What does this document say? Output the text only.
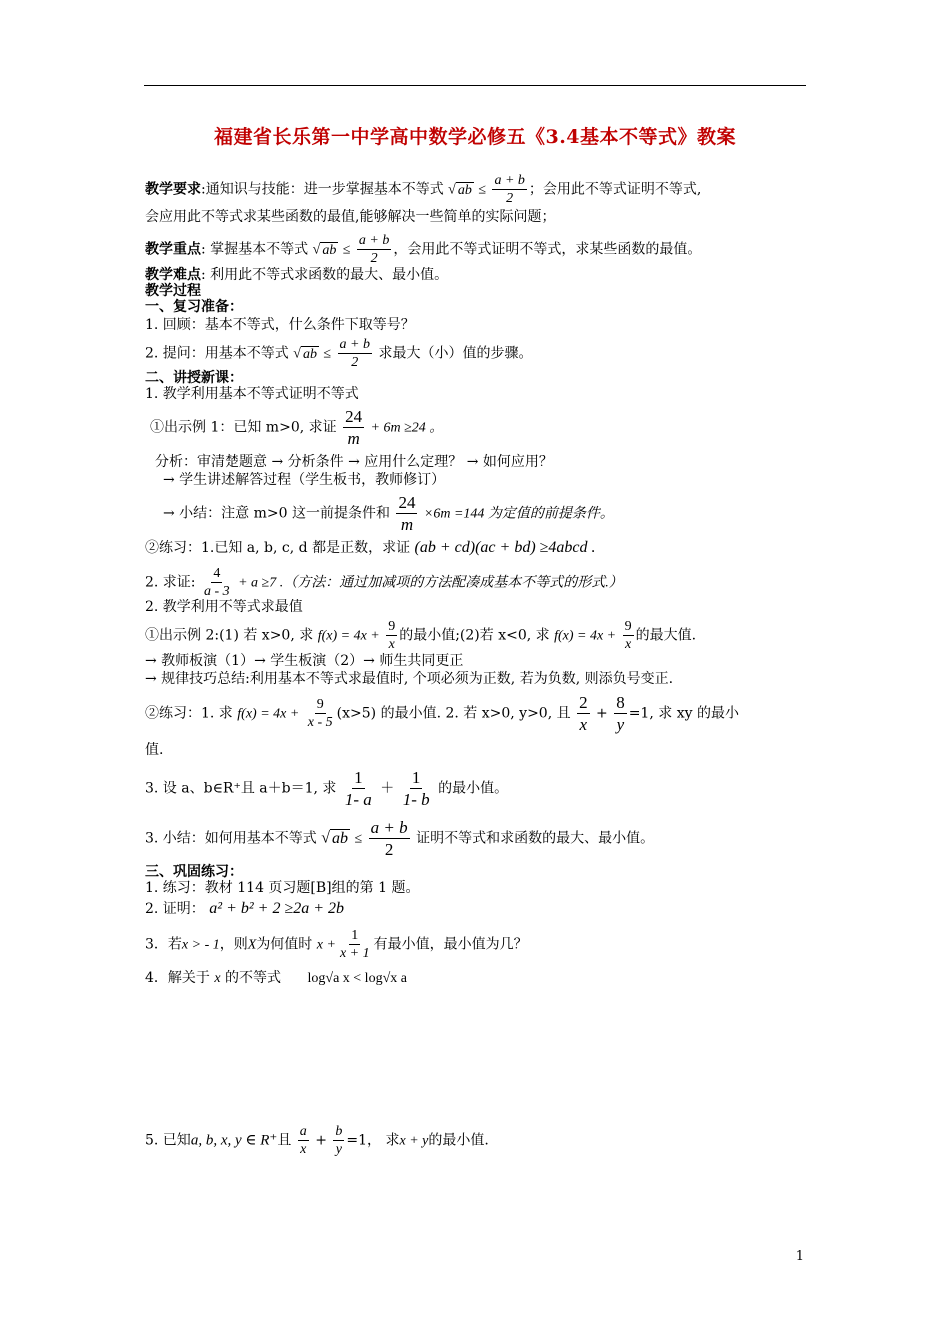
福建省长乐第一中学高中数学必修五《3.4基本不等式》教案
教学要求:通知识与技能：进一步掌握基本不等式 √ ab ≤ $\frac{a + b}{2}$ ；会用此不等式证明不等式,
会应用此不等式求某些函数的最值,能够解决一些简单的实际问题；
教学重点: 掌握基本不等式 √ ab ≤ $\frac{a + b}{2}$ ，会用此不等式证明不等式，求某些函数的最值。
教学难点: 利用此不等式求函数的最大、最小值。
教学过程
一、复习准备：
1. 回顾：基本不等式，什么条件下取等号？
2. 提问：用基本不等式 √ ab ≤ $\frac{a + b}{2}$ 求最大（小）值的步骤。
二、讲授新课：
1. 教学利用基本不等式证明不等式
①出示例 1：已知 m>0, 求证 $\frac{24}{m} + 6m \ge 24$ 。
分析：审清楚题意 → 分析条件 → 应用什么定理？ → 如何应用？
→ 学生讲述解答过程（学生板书，教师修订）
→ 小结：注意 m>0 这一前提条件和 $\frac{24}{m} \times 6m =144$ 为定值的前提条件。
②练习：1.已知 a, b, c, d 都是正数，求证 (ab + cd)(ac + bd) ≥4abcd .
2. 求证: $\frac{4}{a - 3} + a \ge 7$ .（方法：通过加减项的方法配凑成基本不等式的形式.）
2. 教学利用不等式求最值
①出示例 2:(1) 若 x>0, 求 $f(x) = 4x + \frac{9}{x}$ 的最小值;(2)若 x<0, 求 $f(x) = 4x + \frac{9}{x}$ 的最大值.
→ 教师板演（1）→ 学生板演（2）→ 师生共同更正
→ 规律技巧总结:利用基本不等式求最值时, 个项必须为正数, 若为负数, 则添负号变正.
②练习：1. 求 $f(x) = 4x + \frac{9}{x - 5} (x>5)$ 的最小值. 2. 若 x>0, y>0, 且 $\frac{2}{x} + \frac{8}{y} =1$, 求 xy 的最小
值.
3. 设 a、b∈R⁺且 a＋b＝1, 求 $\frac{1}{1- a} + \frac{1}{1- b}$ 的最小值。
3. 小结：如何用基本不等式 √ ab ≤ $\frac{a + b}{2}$ 证明不等式和求函数的最大、最小值。
三、巩固练习：
1. 练习：教材 114 页习题[B]组的第 1 题。
2. 证明： a² + b² + 2 ≥2a + 2b
3．若x > - 1，则X为何值时 $x + \frac{1}{x + 1}$ 有最小值，最小值为几？
4．解关于 x 的不等式 log√a x < log√x a
5. 已知a, b, x, y ∈ R⁺且 $\frac{a}{x} + \frac{b}{y} =1$， 求x + y的最小值.
1
